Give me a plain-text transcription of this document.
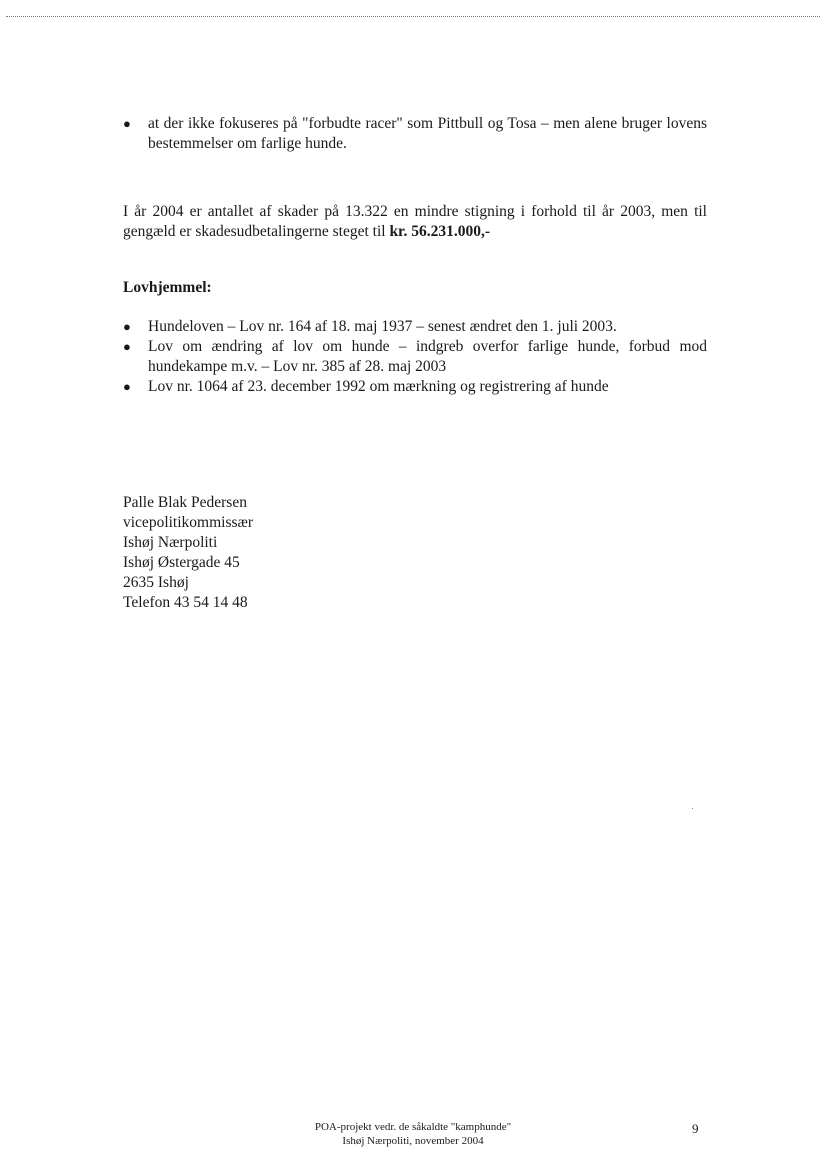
● at der ikke fokuseres på "forbudte racer" som Pittbull og Tosa – men alene bruger lovens bestemmelser om farlige hunde.

I år 2004 er antallet af skader på 13.322 en mindre stigning i forhold til år 2003, men til gengæld er skadesudbetalingerne steget til kr. 56.231.000,-

Lovhjemmel:

● Hundeloven – Lov nr. 164 af 18. maj 1937 – senest ændret den 1. juli 2003.
● Lov om ændring af lov om hunde – indgreb overfor farlige hunde, forbud mod hundekampe m.v. – Lov nr. 385 af 28. maj 2003
● Lov nr. 1064 af 23. december 1992 om mærkning og registrering af hunde
Palle Blak Pedersen
vicepolitikommissær
Ishøj Nærpoliti
Ishøj Østergade 45
2635 Ishøj
Telefon 43 54 14 48
POA-projekt vedr. de såkaldte "kamphunde"
Ishøj Nærpoliti, november 2004
9
